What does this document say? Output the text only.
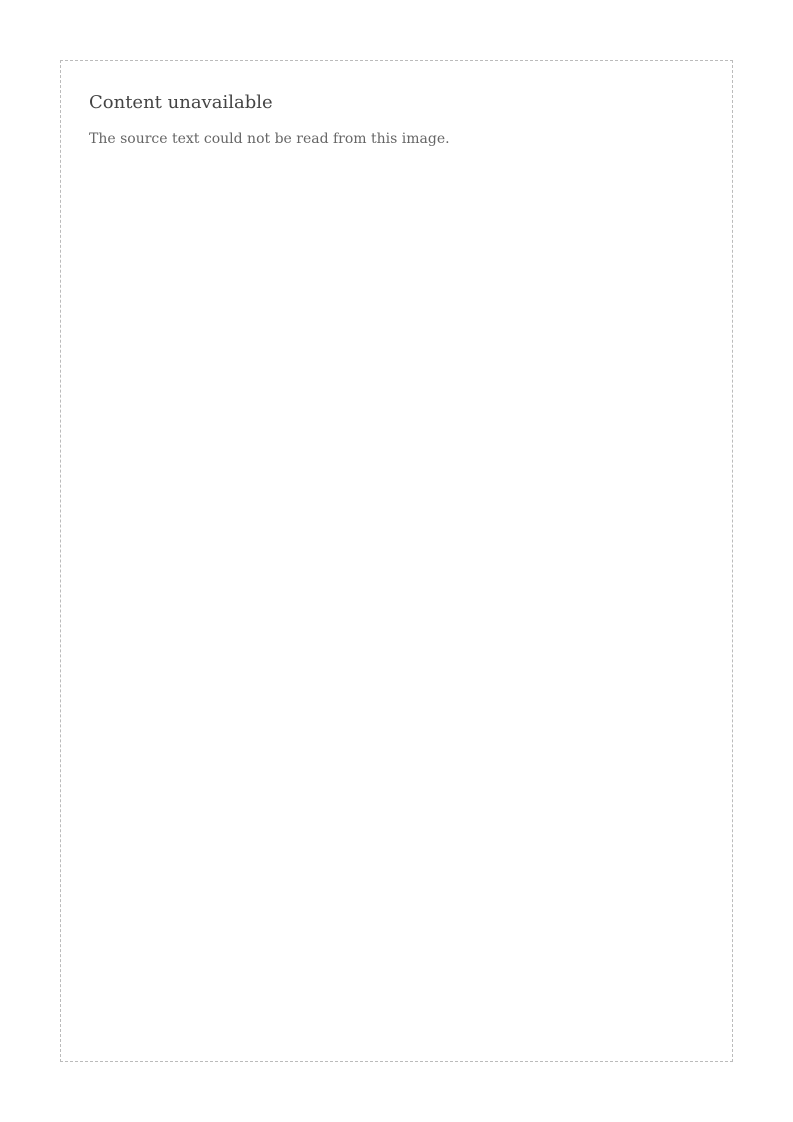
Content unavailable

The source text could not be read from this image.
